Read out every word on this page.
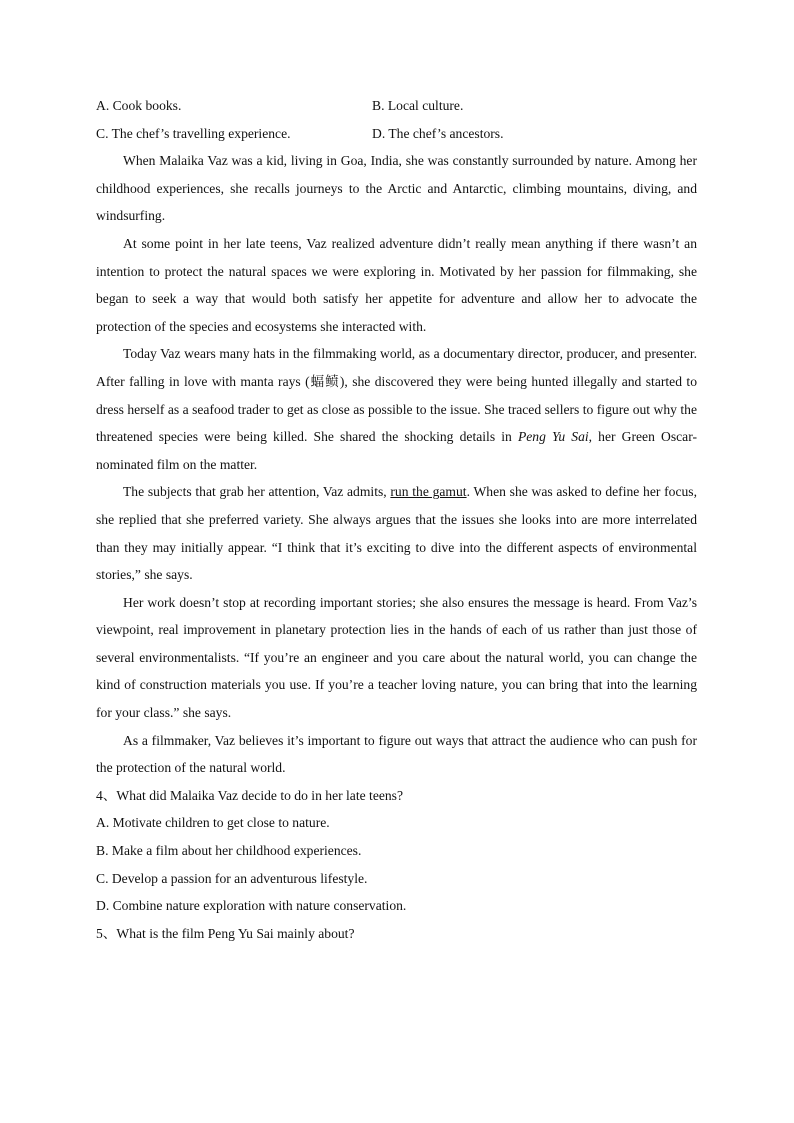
A. Cook books.	B. Local culture.
C. The chef’s travelling experience.	D. The chef’s ancestors.

When Malaika Vaz was a kid, living in Goa, India, she was constantly surrounded by nature. Among her childhood experiences, she recalls journeys to the Arctic and Antarctic, climbing mountains, diving, and windsurfing.

At some point in her late teens, Vaz realized adventure didn’t really mean anything if there wasn’t an intention to protect the natural spaces we were exploring in. Motivated by her passion for filmmaking, she began to seek a way that would both satisfy her appetite for adventure and allow her to advocate the protection of the species and ecosystems she interacted with.

Today Vaz wears many hats in the filmmaking world, as a documentary director, producer, and presenter. After falling in love with manta rays (蝠鲼), she discovered they were being hunted illegally and started to dress herself as a seafood trader to get as close as possible to the issue. She traced sellers to figure out why the threatened species were being killed. She shared the shocking details in Peng Yu Sai, her Green Oscar-nominated film on the matter.

The subjects that grab her attention, Vaz admits, run the gamut. When she was asked to define her focus, she replied that she preferred variety. She always argues that the issues she looks into are more interrelated than they may initially appear. “I think that it’s exciting to dive into the different aspects of environmental stories,” she says.

Her work doesn’t stop at recording important stories; she also ensures the message is heard. From Vaz’s viewpoint, real improvement in planetary protection lies in the hands of each of us rather than just those of several environmentalists. “If you’re an engineer and you care about the natural world, you can change the kind of construction materials you use. If you’re a teacher loving nature, you can bring that into the learning for your class.” she says.

As a filmmaker, Vaz believes it’s important to figure out ways that attract the audience who can push for the protection of the natural world.

4、What did Malaika Vaz decide to do in her late teens?
A. Motivate children to get close to nature.
B. Make a film about her childhood experiences.
C. Develop a passion for an adventurous lifestyle.
D. Combine nature exploration with nature conservation.
5、What is the film Peng Yu Sai mainly about?
